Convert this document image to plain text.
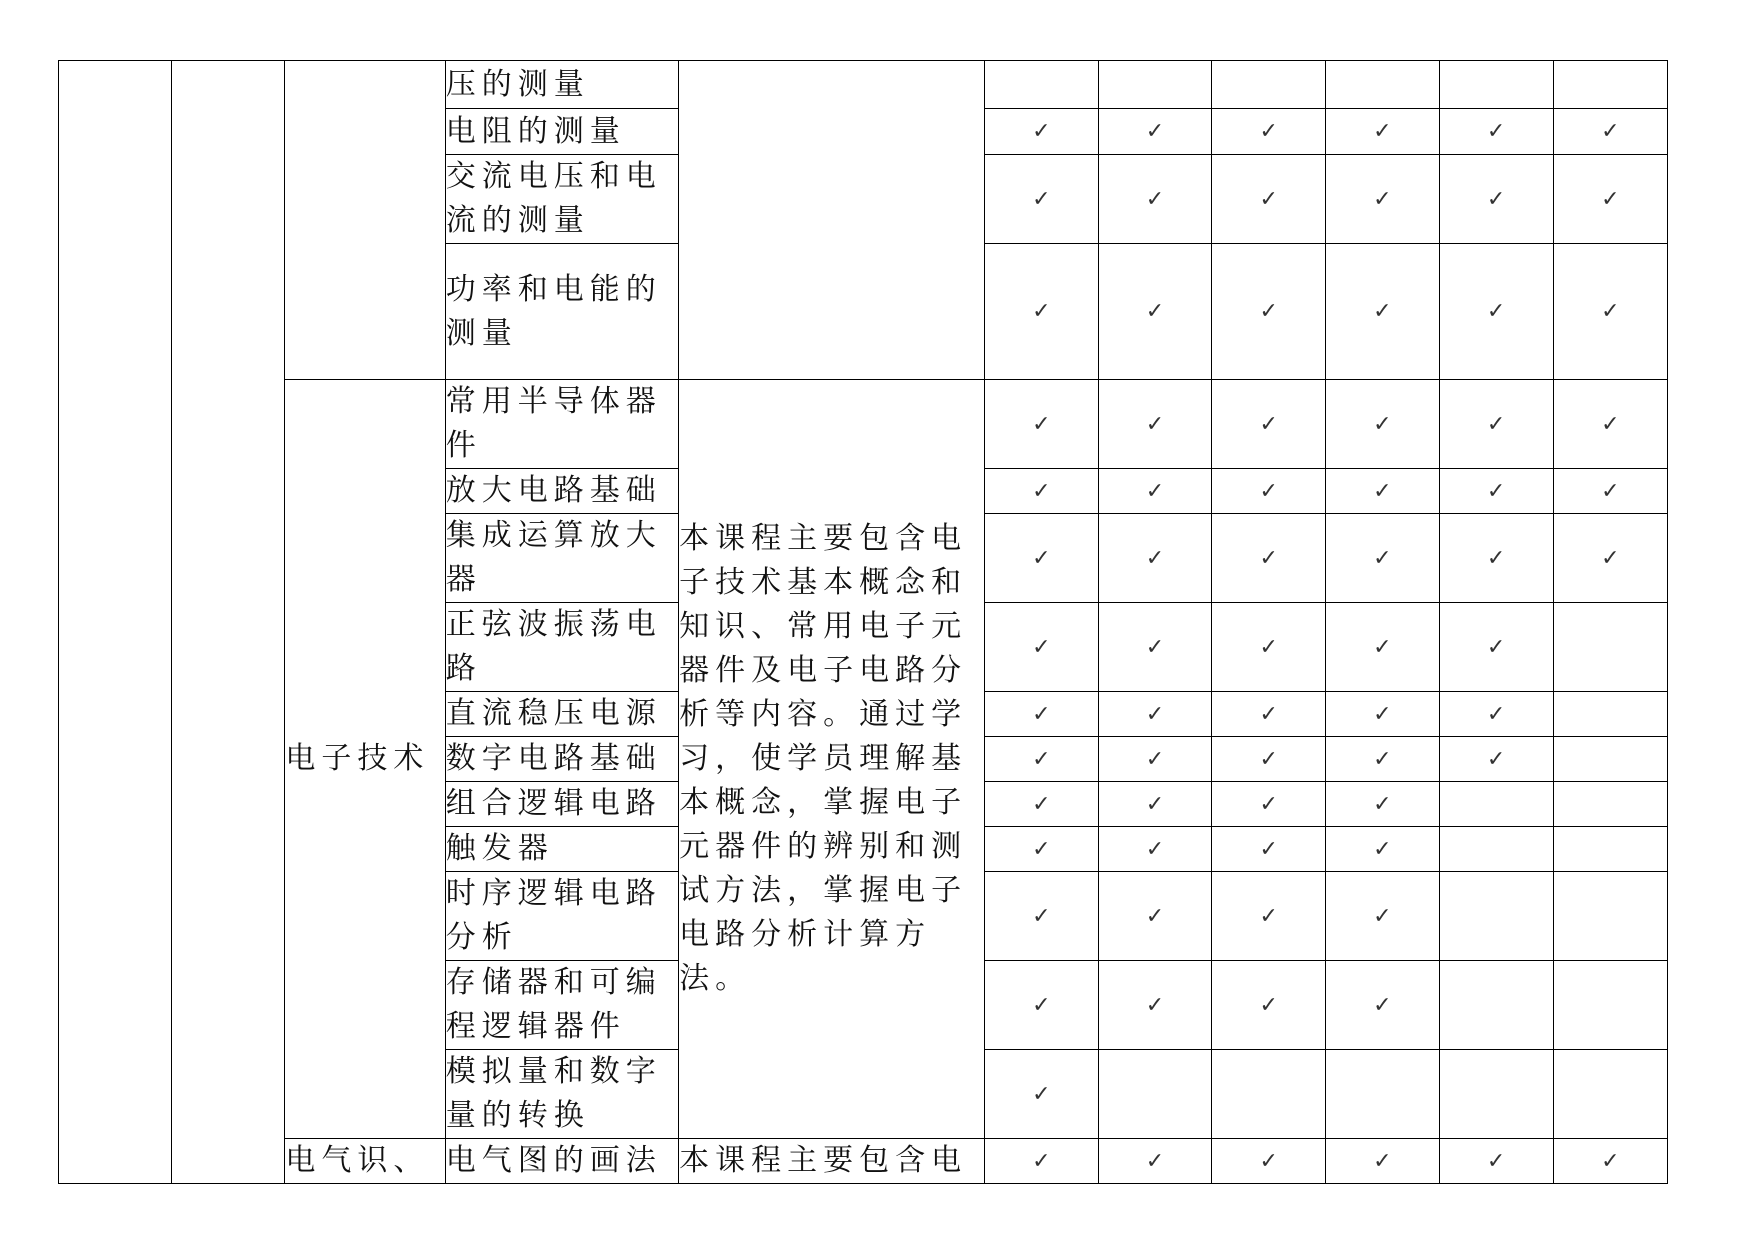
			压的测量							
			电阻的测量		✓	✓	✓	✓	✓	✓
			交流电压和电
流的测量		✓	✓	✓	✓	✓	✓
			功率和电能的
测量		✓	✓	✓	✓	✓	✓
		电子技术	常用半导体器
件	本课程主要包含电子技术基本概念和知识、常用电子元器件及电子电路分析等内容。通过学习，使学员理解基本概念，掌握电子元器件的辨别和测试方法，掌握电子电路分析计算方法。	✓	✓	✓	✓	✓	✓
			放大电路基础		✓	✓	✓	✓	✓	✓
			集成运算放大
器		✓	✓	✓	✓	✓	✓
			正弦波振荡电
路		✓	✓	✓	✓	✓	
			直流稳压电源		✓	✓	✓	✓	✓	
			数字电路基础		✓	✓	✓	✓	✓	
			组合逻辑电路		✓	✓	✓	✓		
			触发器		✓	✓	✓	✓		
			时序逻辑电路
分析		✓	✓	✓	✓		
			存储器和可编
程逻辑器件		✓	✓	✓	✓		
			模拟量和数字
量的转换		✓					
		电气识、	电气图的画法	本课程主要包含电	✓	✓	✓	✓	✓	✓
